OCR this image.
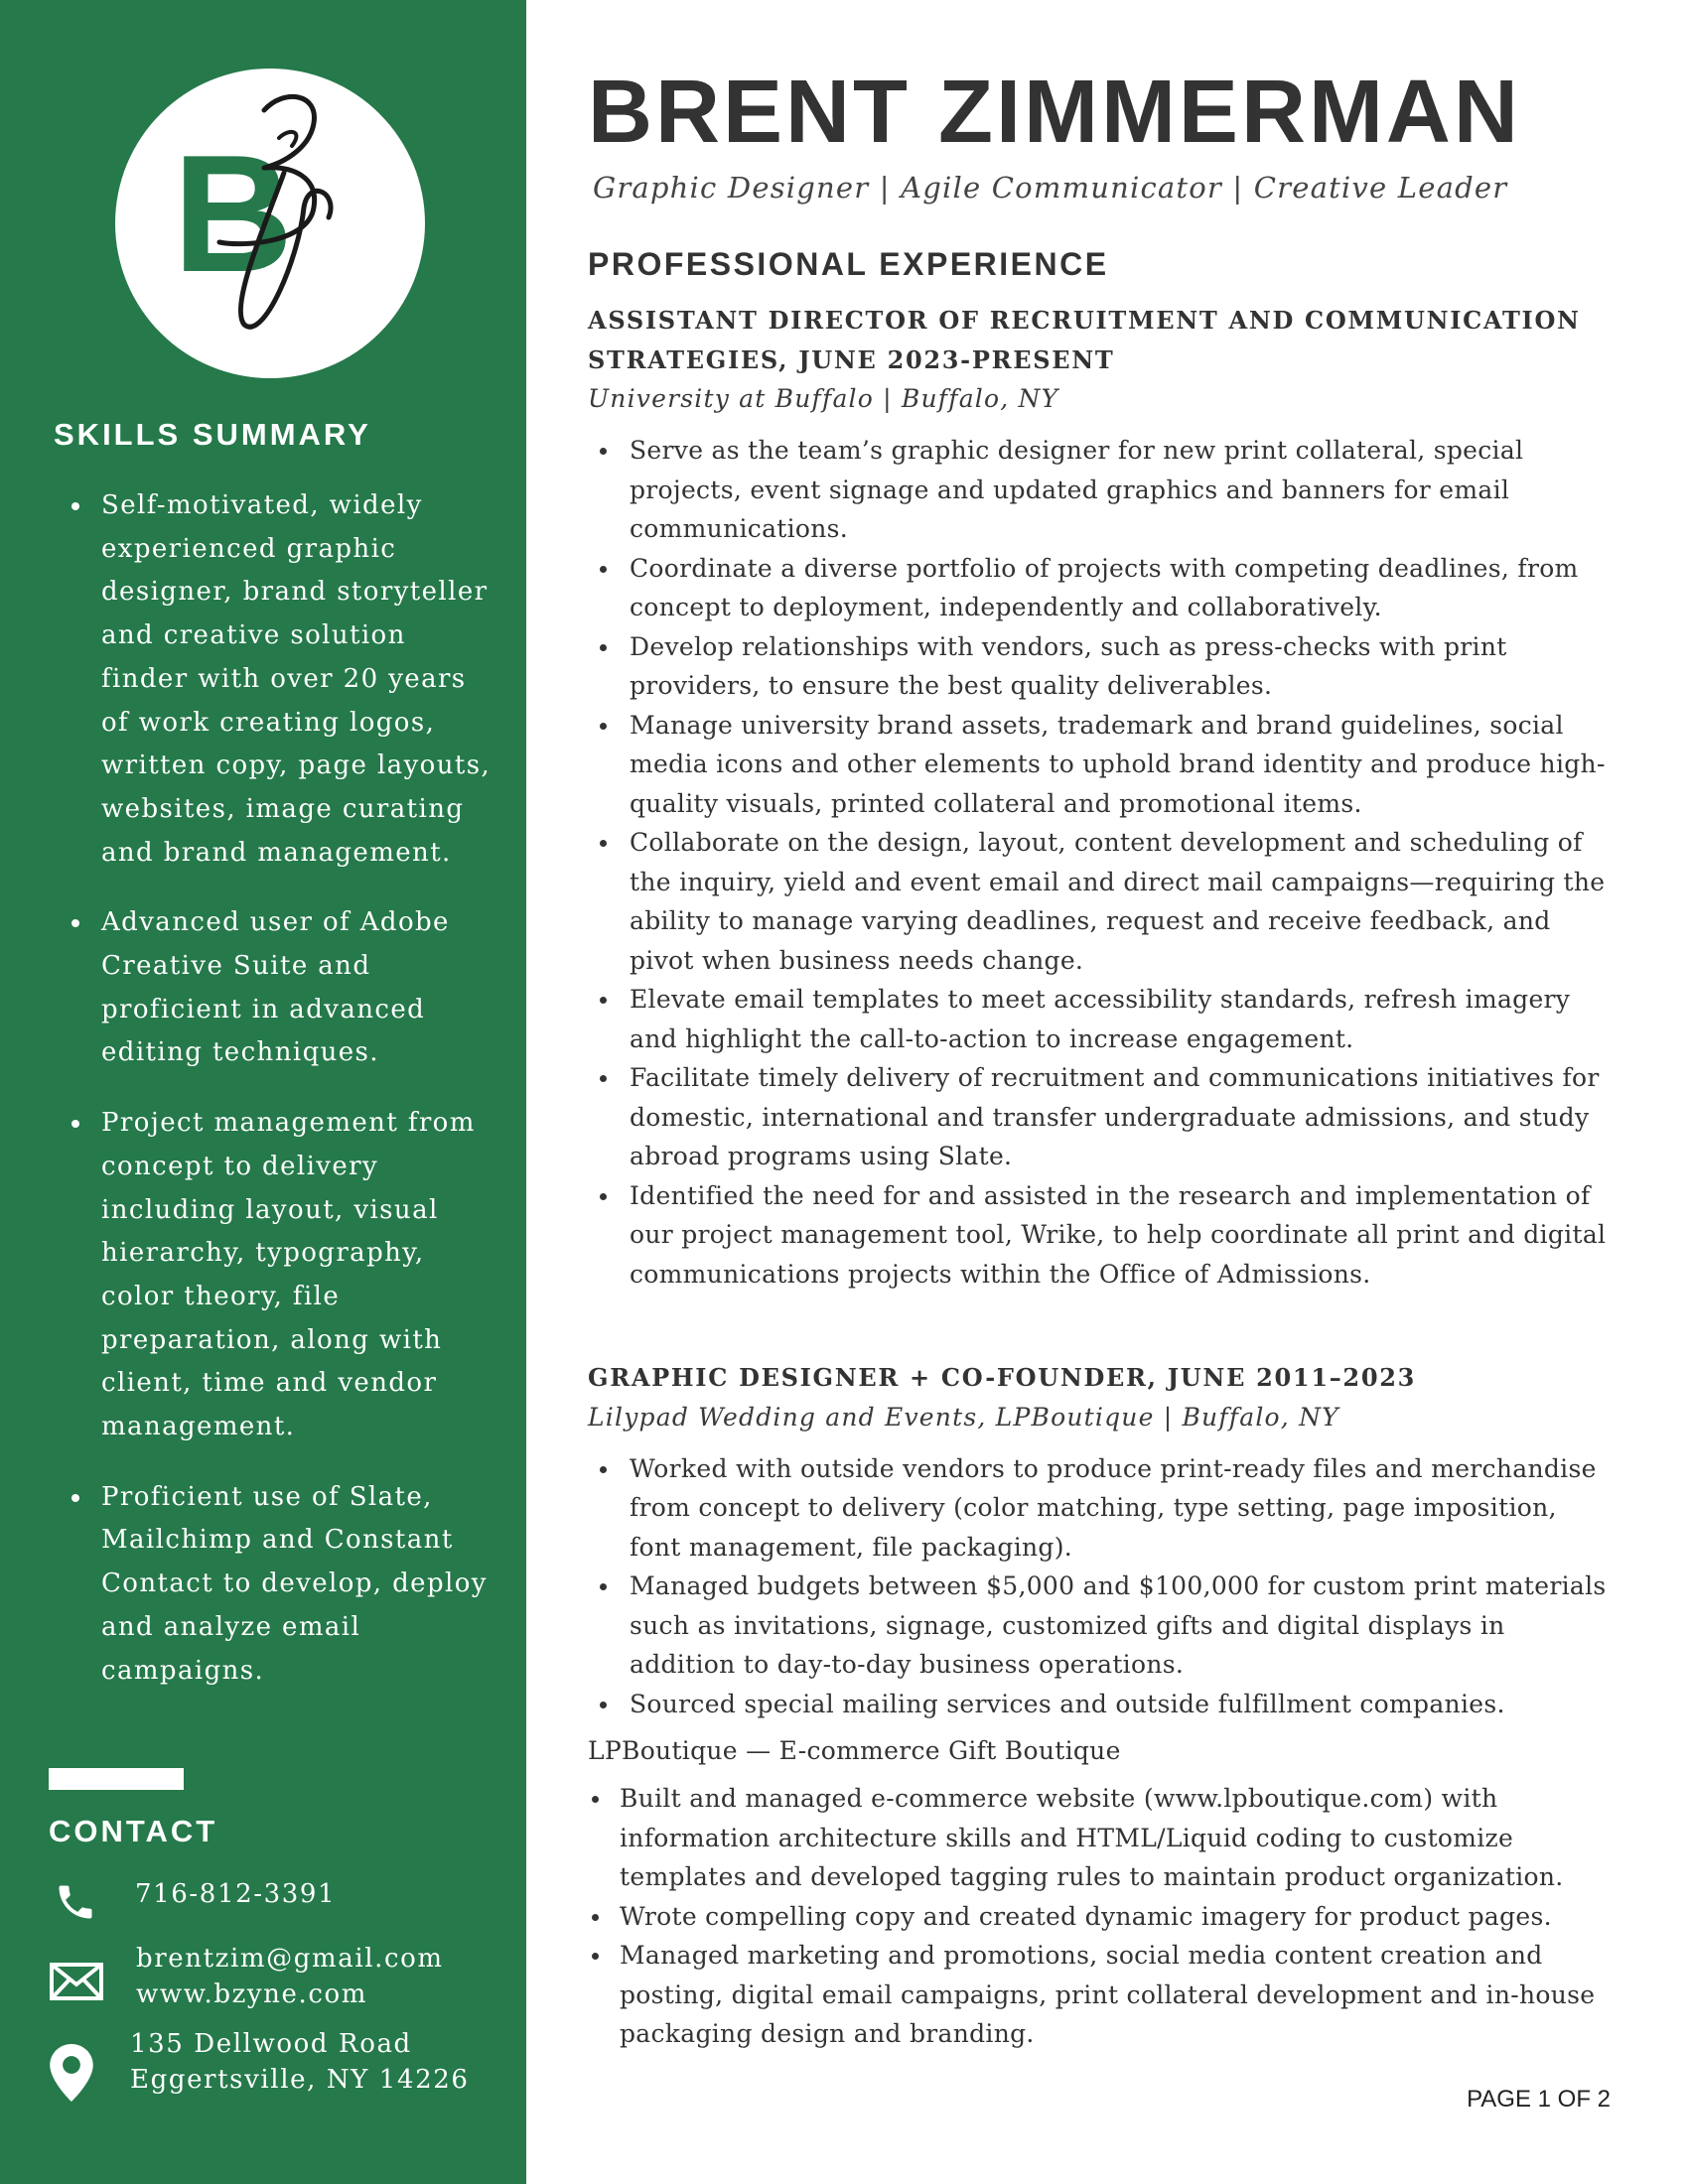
B
SKILLS SUMMARY
Self-motivated, widely experienced graphic designer, brand storyteller and creative solution finder with over 20 years of work creating logos, written copy, page layouts, websites, image curating and brand management.
Advanced user of Adobe Creative Suite and proficient in advanced editing techniques.
Project management from concept to delivery including layout, visual hierarchy, typography, color theory, file preparation, along with client, time and vendor management.
Proficient use of Slate, Mailchimp and Constant Contact to develop, deploy and analyze email campaigns.
CONTACT
716-812-3391
brentzim@gmail.com
www.bzyne.com
135 Dellwood Road
Eggertsville, NY 14226
BRENT ZIMMERMAN

Graphic Designer | Agile Communicator | Creative Leader

PROFESSIONAL EXPERIENCE

ASSISTANT DIRECTOR OF RECRUITMENT AND COMMUNICATION

STRATEGIES, JUNE 2023-PRESENT

University at Buffalo | Buffalo, NY

Serve as the team’s graphic designer for new print collateral, special projects, event signage and updated graphics and banners for email communications.
Coordinate a diverse portfolio of projects with competing deadlines, from concept to deployment, independently and collaboratively.
Develop relationships with vendors, such as press-checks with print providers, to ensure the best quality deliverables.
Manage university brand assets, trademark and brand guidelines, social media icons and other elements to uphold brand identity and produce high-quality visuals, printed collateral and promotional items.
Collaborate on the design, layout, content development and scheduling of the inquiry, yield and event email and direct mail campaigns—requiring the ability to manage varying deadlines, request and receive feedback, and pivot when business needs change.
Elevate email templates to meet accessibility standards, refresh imagery and highlight the call-to-action to increase engagement.
Facilitate timely delivery of recruitment and communications initiatives for domestic, international and transfer undergraduate admissions, and study abroad programs using Slate.
Identified the need for and assisted in the research and implementation of our project management tool, Wrike, to help coordinate all print and digital communications projects within the Office of Admissions.

GRAPHIC DESIGNER + CO-FOUNDER, JUNE 2011–2023

Lilypad Wedding and Events, LPBoutique | Buffalo, NY

Worked with outside vendors to produce print-ready files and merchandise from concept to delivery (color matching, type setting, page imposition, font management, file packaging).
Managed budgets between $5,000 and $100,000 for custom print materials such as invitations, signage, customized gifts and digital displays in addition to day-to-day business operations.
Sourced special mailing services and outside fulfillment companies.

LPBoutique — E-commerce Gift Boutique

Built and managed e-commerce website (www.lpboutique.com) with information architecture skills and HTML/Liquid coding to customize templates and developed tagging rules to maintain product organization.
Wrote compelling copy and created dynamic imagery for product pages.
Managed marketing and promotions, social media content creation and posting, digital email campaigns, print collateral development and in-house packaging design and branding.
PAGE 1 OF 2
